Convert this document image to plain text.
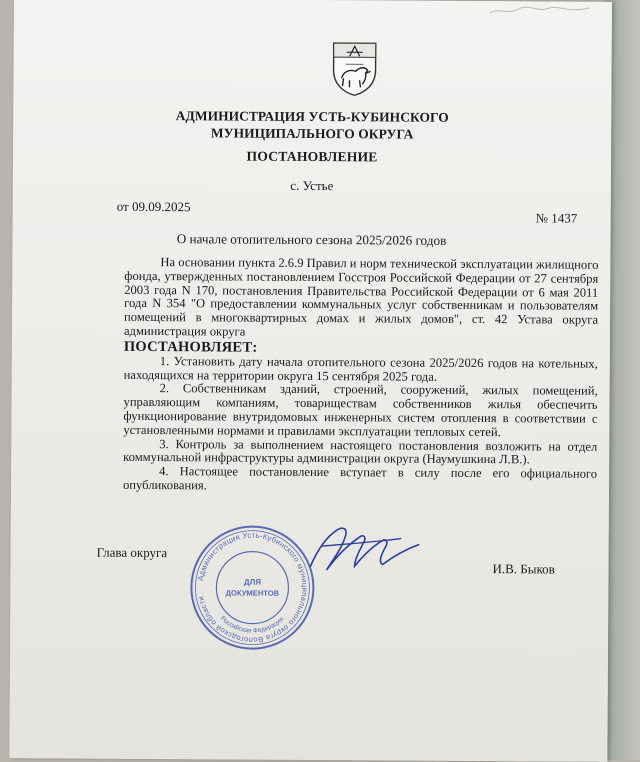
АДМИНИСТРАЦИЯ УСТЬ-КУБИНСКОГО
МУНИЦИПАЛЬНОГО ОКРУГА
ПОСТАНОВЛЕНИЕ
с. Устье
от 09.09.2025
№ 1437
О начале отопительного сезона 2025/2026 годов

На основании пункта 2.6.9 Правил и норм технической эксплуатации жилищного фонда, утвержденных постановлением Госстроя Российской Федерации от 27 сентября 2003 года N 170, постановления Правительства Российской Федерации от 6 мая 2011 года N 354 "О предоставлении коммунальных услуг собственникам и пользователям помещений в многоквартирных домах и жилых домов", ст. 42 Устава округа администрация округа

ПОСТАНОВЛЯЕТ:

1. Установить дату начала отопительного сезона 2025/2026 годов на котельных, находящихся на территории округа 15 сентября 2025 года.

2. Собственникам зданий, строений, сооружений, жилых помещений, управляющим компаниям, товариществам собственников жилья обеспечить функционирование внутридомовых инженерных систем отопления в соответствии с установленными нормами и правилами эксплуатации тепловых сетей.

3. Контроль за выполнением настоящего постановления возложить на отдел коммунальной инфраструктуры администрации округа (Наумушкина Л.В.).

4. Настоящее постановление вступает в силу после его официального опубликования.

Глава округа
И.В. Быков
Администрация Усть-Кубинского муниципального округа Вологодской области
Российская Федерация
ДЛЯ
ДОКУМЕНТОВ
